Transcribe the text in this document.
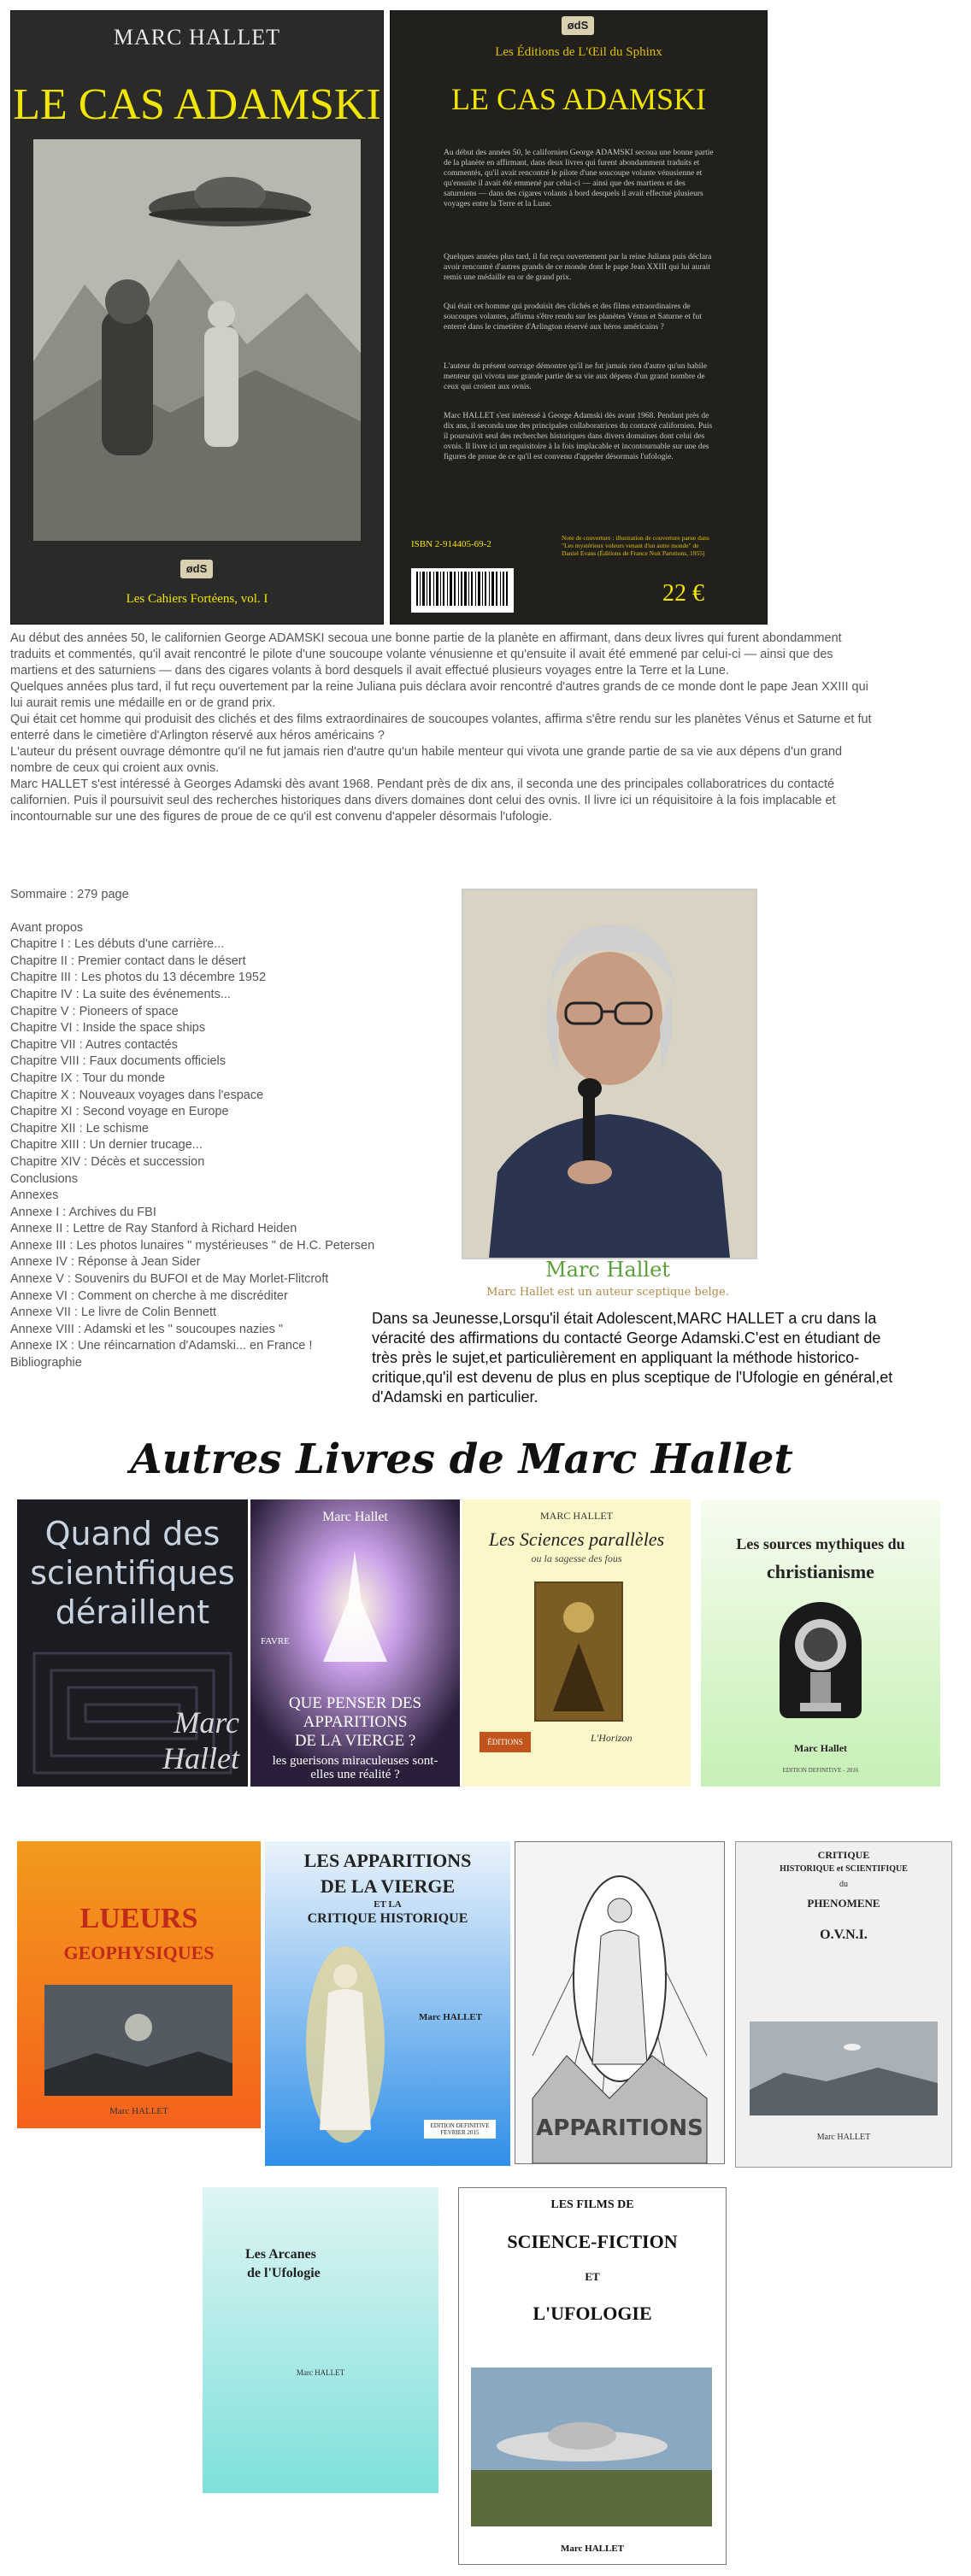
MARC HALLET
LE CAS ADAMSKI
ødS
Les Cahiers Fortéens, vol. I
ødS
Les Éditions de L'Œil du Sphinx
LE CAS ADAMSKI
Au début des années 50, le californien George ADAMSKI secoua une bonne partie de la planète en affirmant, dans deux livres qui furent abondamment traduits et commentés, qu'il avait rencontré le pilote d'une soucoupe volante vénusienne et qu'ensuite il avait été emmené par celui-ci — ainsi que des martiens et des saturniens — dans des cigares volants à bord desquels il avait effectué plusieurs voyages entre la Terre et la Lune.
Quelques années plus tard, il fut reçu ouvertement par la reine Juliana puis déclara avoir rencontré d'autres grands de ce monde dont le pape Jean XXIII qui lui aurait remis une médaille en or de grand prix.
Qui était cet homme qui produisit des clichés et des films extraordinaires de soucoupes volantes, affirma s'être rendu sur les planètes Vénus et Saturne et fut enterré dans le cimetière d'Arlington réservé aux héros américains ?
L'auteur du présent ouvrage démontre qu'il ne fut jamais rien d'autre qu'un habile menteur qui vivota une grande partie de sa vie aux dépens d'un grand nombre de ceux qui croient aux ovnis.
Marc HALLET s'est intéressé à George Adamski dès avant 1968. Pendant près de dix ans, il seconda une des principales collaboratrices du contacté californien. Puis il poursuivit seul des recherches historiques dans divers domaines dont celui des ovnis. Il livre ici un requisitoire à la fois implacable et incontournable sur une des figures de proue de ce qu'il est convenu d'appeler désormais l'ufologie.
ISBN 2-914405-69-2
Note de couverture : illustration de couverture parue dans "Les mystérieux voleurs venant d'un autre monde" de Daniel Evans (Éditions de France Nuit Parutions, 1955)
22 €

Au début des années 50, le californien George ADAMSKI secoua une bonne partie de la planète en affirmant, dans deux livres qui furent abondamment traduits et commentés, qu'il avait rencontré le pilote d'une soucoupe volante vénusienne et qu'ensuite il avait été emmené par celui-ci — ainsi que des martiens et des saturniens — dans des cigares volants à bord desquels il avait effectué plusieurs voyages entre la Terre et la Lune.

Quelques années plus tard, il fut reçu ouvertement par la reine Juliana puis déclara avoir rencontré d'autres grands de ce monde dont le pape Jean XXIII qui lui aurait remis une médaille en or de grand prix.

Qui était cet homme qui produisit des clichés et des films extraordinaires de soucoupes volantes, affirma s'être rendu sur les planètes Vénus et Saturne et fut enterré dans le cimetière d'Arlington réservé aux héros américains ?

L'auteur du présent ouvrage démontre qu'il ne fut jamais rien d'autre qu'un habile menteur qui vivota une grande partie de sa vie aux dépens d'un grand nombre de ceux qui croient aux ovnis.

Marc HALLET s'est intéressé à Georges Adamski dès avant 1968. Pendant près de dix ans, il seconda une des principales collaboratrices du contacté californien. Puis il poursuivit seul des recherches historiques dans divers domaines dont celui des ovnis. Il livre ici un réquisitoire à la fois implacable et incontournable sur une des figures de proue de ce qu'il est convenu d'appeler désormais l'ufologie.

Sommaire : 279 page
Avant propos
Chapitre I : Les débuts d'une carrière...
Chapitre II : Premier contact dans le désert
Chapitre III : Les photos du 13 décembre 1952
Chapitre IV : La suite des événements...
Chapitre V : Pioneers of space
Chapitre VI : Inside the space ships
Chapitre VII : Autres contactés
Chapitre VIII : Faux documents officiels
Chapitre IX : Tour du monde
Chapitre X : Nouveaux voyages dans l'espace
Chapitre XI : Second voyage en Europe
Chapitre XII : Le schisme
Chapitre XIII : Un dernier trucage...
Chapitre XIV : Décès et succession
Conclusions
Annexes
Annexe I : Archives du FBI
Annexe II : Lettre de Ray Stanford à Richard Heiden
Annexe III : Les photos lunaires " mystérieuses " de H.C. Petersen
Annexe IV : Réponse à Jean Sider
Annexe V : Souvenirs du BUFOI et de May Morlet-Flitcroft
Annexe VI : Comment on cherche à me discréditer
Annexe VII : Le livre de Colin Bennett
Annexe VIII : Adamski et les " soucoupes nazies "
Annexe IX : Une réincarnation d'Adamski... en France !
Bibliographie
Marc Hallet
Marc Hallet est un auteur sceptique belge.
Dans sa Jeunesse,Lorsqu'il était Adolescent,MARC HALLET a cru dans la véracité des affirmations du contacté George Adamski.C'est en étudiant de très près le sujet,et particulièrement en appliquant la méthode historico-critique,qu'il est devenu de plus en plus sceptique de l'Ufologie en général,et d'Adamski en particulier.
Autres Livres de Marc Hallet
Quand des
scientifiques
déraillent
Marc Hallet
Marc Hallet
FAVRE
QUE PENSER DES
APPARITIONS
DE LA VIERGE ?
les guerisons miraculeuses sont-elles une réalité ?
MARC HALLET
Les Sciences parallèles
ou la sagesse des fous
ÉDITIONS	L'Horizon
Les sources mythiques du
christianisme
Marc Hallet
EDITION DEFINITIVE - 2016
LUEURS
GEOPHYSIQUES
Marc HALLET
LES APPARITIONS
DE LA VIERGE
ET LA
CRITIQUE HISTORIQUE
Marc HALLET
EDITION DEFINITIVE FEVRIER 2015	APPARITIONS
CRITIQUE
HISTORIQUE et SCIENTIFIQUE
du
PHENOMENE
O.V.N.I.
Marc HALLET
Les Arcanes
de l'Ufologie
Marc HALLET
LES FILMS DE
SCIENCE-FICTION
ET
L'UFOLOGIE
Marc HALLET
